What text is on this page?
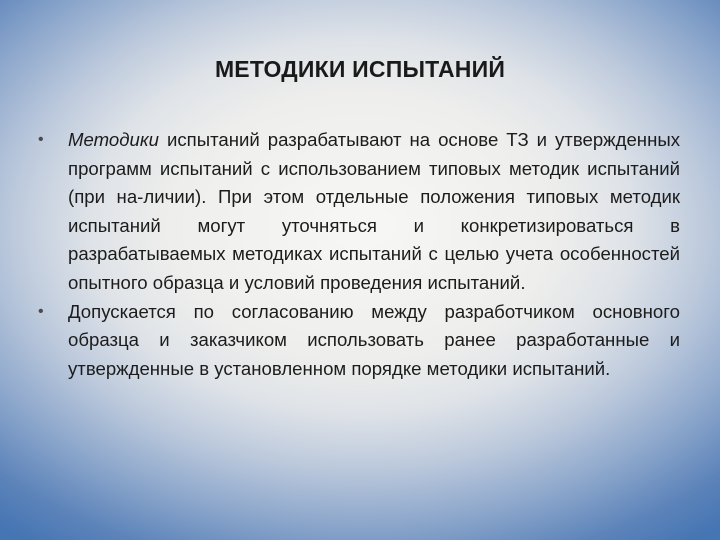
МЕТОДИКИ ИСПЫТАНИЙ
• Методики испытаний разрабатывают на основе ТЗ и утвержденных программ испытаний с использованием типовых методик испытаний (при на-личии). При этом отдельные положения типовых методик испытаний могут уточняться и конкретизироваться в разрабатываемых методиках испытаний с целью учета особенностей опытного образца и условий проведения испытаний.
• Допускается по согласованию между разработчиком основного образца и заказчиком использовать ранее разработанные и утвержденные в установленном порядке методики испытаний.
